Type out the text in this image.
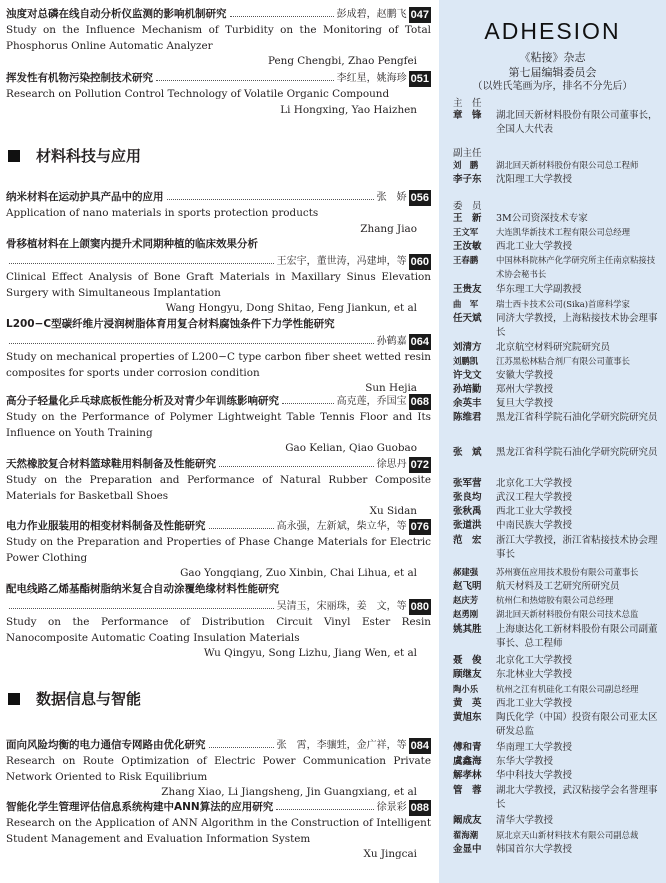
浊度对总磷在线自动分析仪监测的影响机制研究	彭成碧，赵鹏飞 047
Study on the Influence Mechanism of Turbidity on the Monitoring of Total Phosphorus Online Automatic Analyzer
Peng Chengbi, Zhao Pengfei
挥发性有机物污染控制技术研究	李红星，姚海珍 051
Research on Pollution Control Technology of Volatile Organic Compound
Li Hongxing, Yao Haizhen
材料科技与应用
纳米材料在运动护具产品中的应用	张　娇 056
Application of nano materials in sports protection products
Zhang Jiao
骨移植材料在上颌窦内提升术同期种植的临床效果分析
王宏宇，董世涛，冯建坤，等 060
Clinical Effect Analysis of Bone Graft Materials in Maxillary Sinus Elevation Surgery with Simultaneous Implantation
Wang Hongyu, Dong Shitao, Feng Jiankun, et al
L200−C型碳纤维片浸润树脂体育用复合材料腐蚀条件下力学性能研究
孙鹤嘉 064
Study on mechanical properties of L200−C type carbon fiber sheet wetted resin composites for sports under corrosion condition
Sun Hejia
高分子轻量化乒乓球底板性能分析及对青少年训练影响研究	高克莲，乔国宝 068
Study on the Performance of Polymer Lightweight Table Tennis Floor and Its Influence on Youth Training
Gao Kelian, Qiao Guobao
天然橡胶复合材料篮球鞋用料制备及性能研究	徐思丹 072
Study on the Preparation and Performance of Natural Rubber Composite Materials for Basketball Shoes
Xu Sidan
电力作业服装用的相变材料制备及性能研究	高永强，左新斌，柴立华，等 076
Study on the Preparation and Properties of Phase Change Materials for Electric Power Clothing
Gao Yongqiang, Zuo Xinbin, Chai Lihua, et al
配电线路乙烯基酯树脂纳米复合自动涂覆绝缘材料性能研究
吴清玉，宋丽珠，姜　文，等 080
Study on the Performance of Distribution Circuit Vinyl Ester Resin Nanocomposite Automatic Coating Insulation Materials
Wu Qingyu, Song Lizhu, Jiang Wen, et al
数据信息与智能
面向风险均衡的电力通信专网路由优化研究	张　霄，李骧甡，金广祥，等 084
Research on Route Optimization of Electric Power Communication Private Network Oriented to Risk Equilibrium
Zhang Xiao, Li Jiangsheng, Jin Guangxiang, et al
智能化学生管理评估信息系统构建中ANN算法的应用研究	徐景彩 088
Research on the Application of ANN Algorithm in the Construction of Intelligent Student Management and Evaluation Information System
Xu Jingcai
ADHESION
《粘接》杂志
第七届编辑委员会
（以姓氏笔画为序，排名不分先后）
主　任
章　锋	湖北回天新材料股份有限公司董事长，全国人大代表
副主任
刘　鹏	湖北回天新材料股份有限公司总工程师
李子东	沈阳理工大学教授
委　员
王　新	3M公司资深技术专家
王文军	大连凯华新技术工程有限公司总经理
王汝敏	西北工业大学教授
王春鹏	中国林科院林产化学研究所主任南京粘接技术协会秘书长
王贵友	华东理工大学副教授
曲　军	瑞士西卡技术公司(Sika)首席科学家
任天斌	同济大学教授，上海粘接技术协会理事长
刘清方	北京航空材料研究院研究员
刘鹏凯	江苏黑松林粘合剂厂有限公司董事长
许戈文	安徽大学教授
孙培勤	郑州大学教授
余英丰	复旦大学教授
陈维君	黑龙江省科学院石油化学研究院研究员
张　斌	黑龙江省科学院石油化学研究院研究员
张军营	北京化工大学教授
张良均	武汉工程大学教授
张秋禹	西北工业大学教授
张道洪	中南民族大学教授
范　宏	浙江大学教授，浙江省粘接技术协会理事长
郝建强	苏州赛伍应用技术股份有限公司董事长
赵飞明	航天材料及工艺研究所研究员
赵庆芳	杭州仁和热熔胶有限公司总经理
赵勇刚	湖北回天新材料股份有限公司技术总监
姚其胜	上海康达化工新材料股份有限公司副董事长、总工程师
聂　俊	北京化工大学教授
顾继友	东北林业大学教授
陶小乐	杭州之江有机硅化工有限公司副总经理
黄　英	西北工业大学教授
黄旭东	陶氏化学（中国）投资有限公司亚太区研发总监
傅和青	华南理工大学教授
虞鑫海	东华大学教授
解孝林	华中科技大学教授
管　蓉	湖北大学教授，武汉粘接学会名誉理事长
阚成友	清华大学教授
翟海潮	原北京天山新材料技术有限公司副总裁
金显中	韩国首尔大学教授
